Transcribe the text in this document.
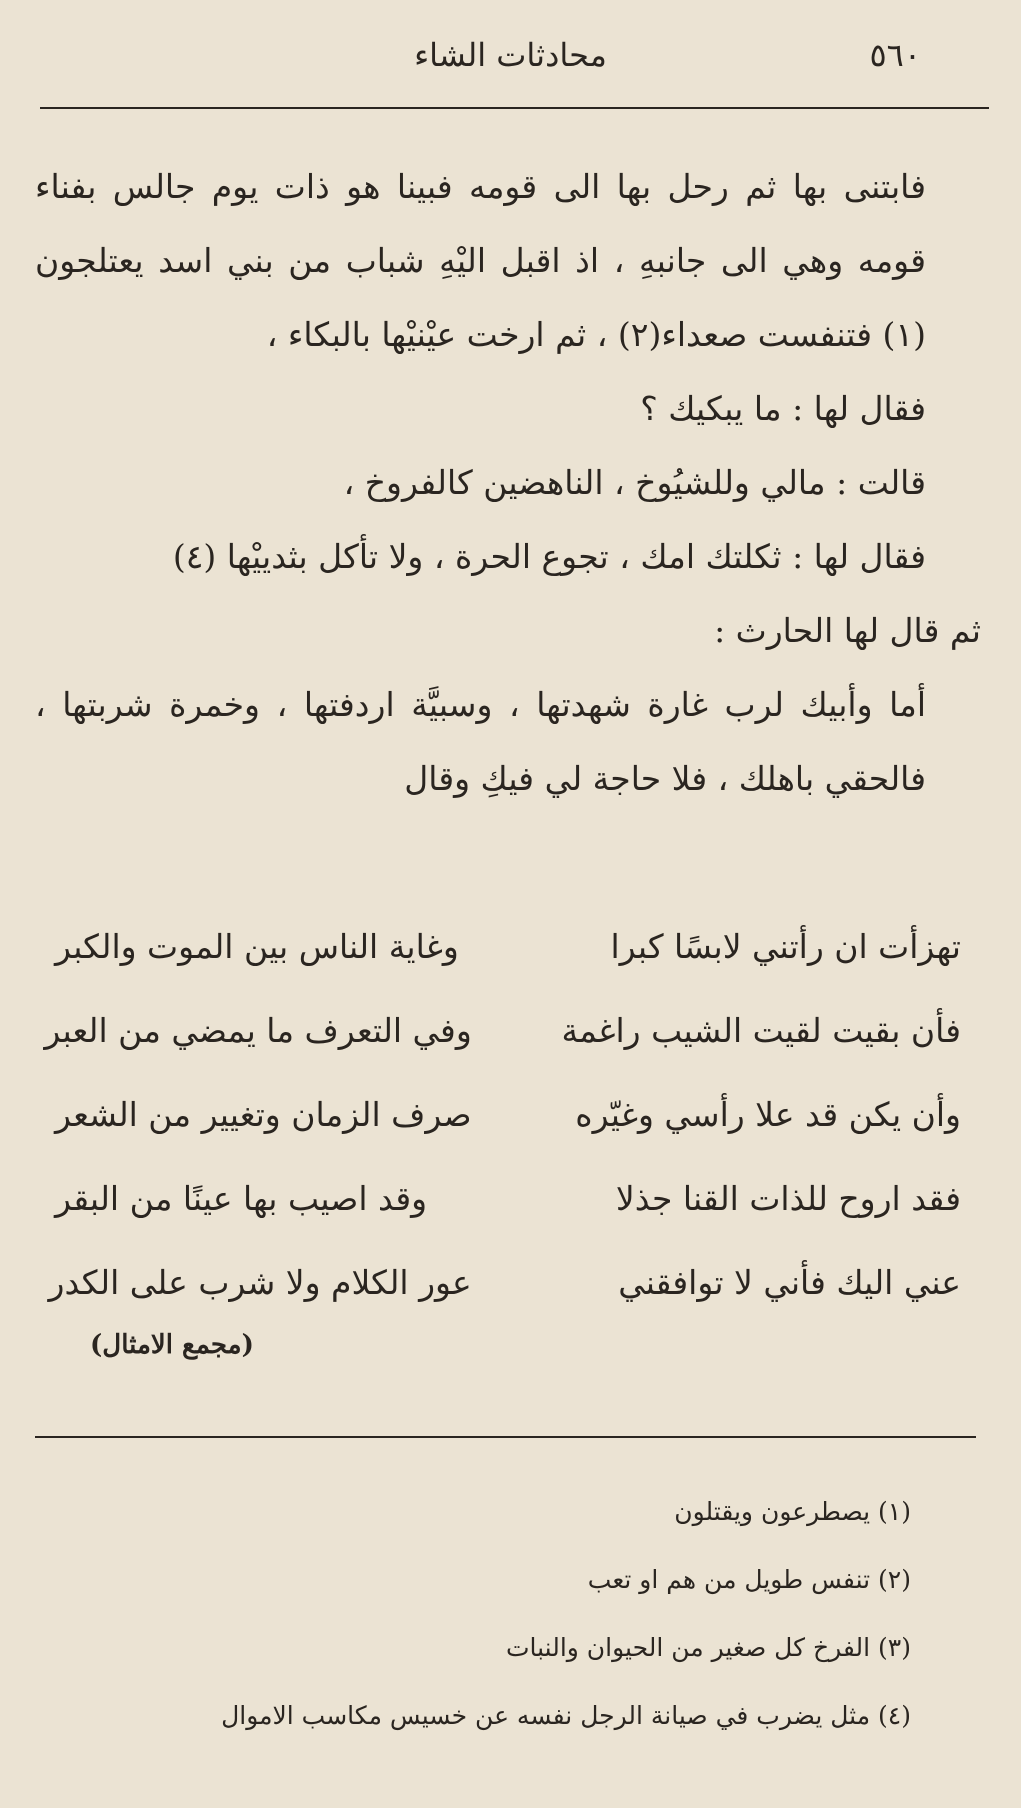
٥٦٠
محادثات الشاء

فابتنى بها ثم رحل بها الى قومه فبينا هو ذات يوم جالس بفناء قومه وهي الى جانبهِ ، اذ اقبل اليْهِ شباب من بني اسد يعتلجون (١) فتنفست صعداء(٢) ، ثم ارخت عيْنيْها بالبكاء ،

فقال لها : ما يبكيك ؟

قالت : مالي وللشيُوخ ، الناهضين كالفروخ ،

فقال لها : ثكلتك امك ، تجوع الحرة ، ولا تأكل بثدييْها (٤)

ثم قال لها الحارث :

أما وأبيك لرب غارة شهدتها ، وسبيَّة اردفتها ، وخمرة شربتها ، فالحقي باهلك ، فلا حاجة لي فيكِ وقال

تهزأت ان رأتني لابسًا كبرا
وغاية الناس بين الموت والكبر
فأن بقيت لقيت الشيب راغمة
وفي التعرف ما يمضي من العبر
وأن يكن قد علا رأسي وغيّره
صرف الزمان وتغيير من الشعر
فقد اروح للذات القنا جذلا
وقد اصيب بها عينًا من البقر
عني اليك فأني لا توافقني
عور الكلام ولا شرب على الكدر
(مجمع الامثال)
(١) يصطرعون ويقتلون
(٢) تنفس طويل من هم او تعب
(٣) الفرخ كل صغير من الحيوان والنبات
(٤) مثل يضرب في صيانة الرجل نفسه عن خسيس مكاسب الاموال
